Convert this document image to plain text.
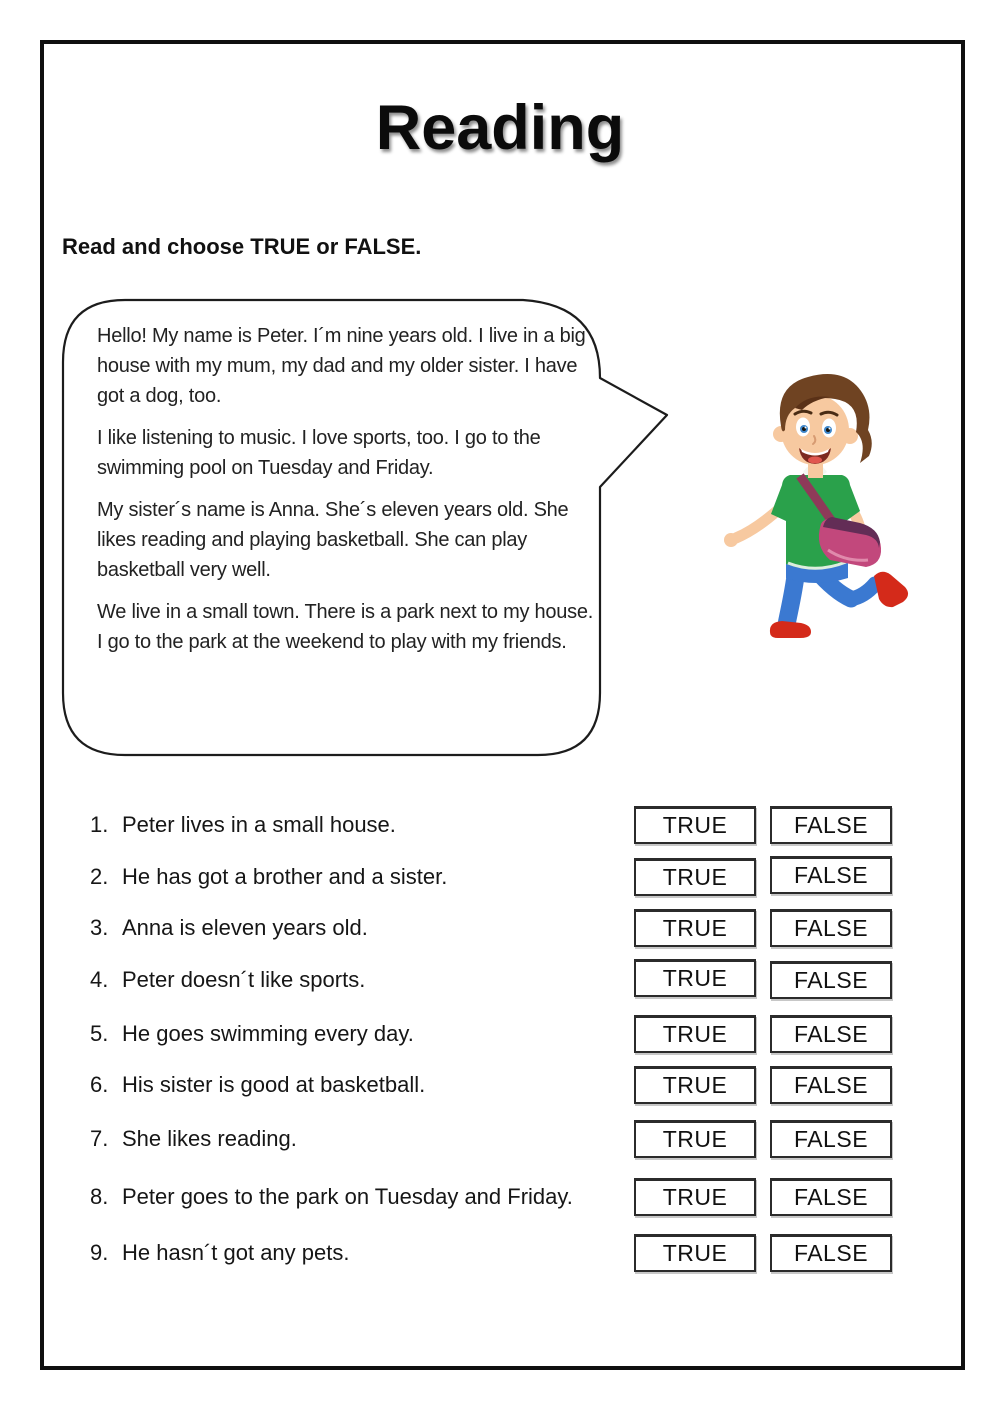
Reading
Read and choose TRUE or FALSE.

Hello! My name is Peter. I´m nine years old. I live in a big house with my mum, my dad and my older sister. I have got a dog, too.

I like listening to music. I love sports, too. I go to the swimming pool on Tuesday and Friday.

My sister´s name is Anna. She´s eleven years old. She likes reading and playing basketball. She can play basketball very well.

We live in a small town. There is a park next to my house. I go to the park at the weekend to play with my friends.

1. Peter lives in a small house.	TRUE	FALSE
2. He has got a brother and a sister.	TRUE	FALSE
3. Anna is eleven years old.	TRUE	FALSE
4. Peter doesn´t like sports.	TRUE	FALSE
5. He goes swimming every day.	TRUE	FALSE
6. His sister is good at basketball.	TRUE	FALSE
7. She likes reading.	TRUE	FALSE
8. Peter goes to the park on Tuesday and Friday.	TRUE	FALSE
9. He hasn´t got any pets.	TRUE	FALSE
